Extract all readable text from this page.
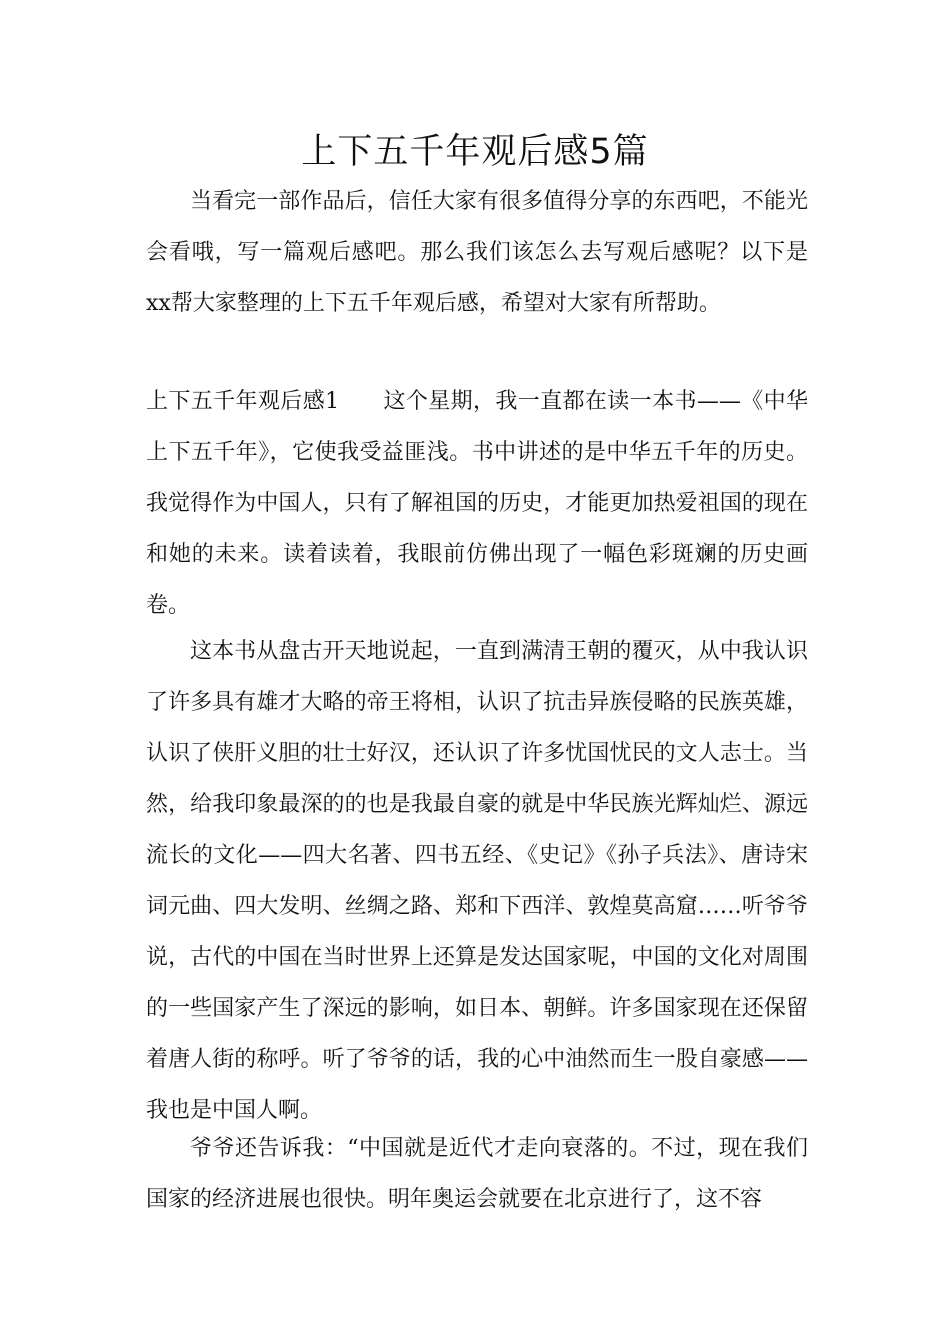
上下五千年观后感5篇

当看完一部作品后，信任大家有很多值得分享的东西吧，不能光会看哦，写一篇观后感吧。那么我们该怎么去写观后感呢？以下是xx帮大家整理的上下五千年观后感，希望对大家有所帮助。

上下五千年观后感1 这个星期，我一直都在读一本书——《中华上下五千年》，它使我受益匪浅。书中讲述的是中华五千年的历史。我觉得作为中国人，只有了解祖国的历史，才能更加热爱祖国的现在和她的未来。读着读着，我眼前仿佛出现了一幅色彩斑斓的历史画卷。

这本书从盘古开天地说起，一直到满清王朝的覆灭，从中我认识了许多具有雄才大略的帝王将相，认识了抗击异族侵略的民族英雄，认识了侠肝义胆的壮士好汉，还认识了许多忧国忧民的文人志士。当然，给我印象最深的的也是我最自豪的就是中华民族光辉灿烂、源远流长的文化——四大名著、四书五经、《史记》《孙子兵法》、唐诗宋词元曲、四大发明、丝绸之路、郑和下西洋、敦煌莫高窟……听爷爷说，古代的中国在当时世界上还算是发达国家呢，中国的文化对周围的一些国家产生了深远的影响，如日本、朝鲜。许多国家现在还保留着唐人街的称呼。听了爷爷的话，我的心中油然而生一股自豪感——我也是中国人啊。

爷爷还告诉我：“中国就是近代才走向衰落的。不过，现在我们国家的经济进展也很快。明年奥运会就要在北京进行了，这不容
